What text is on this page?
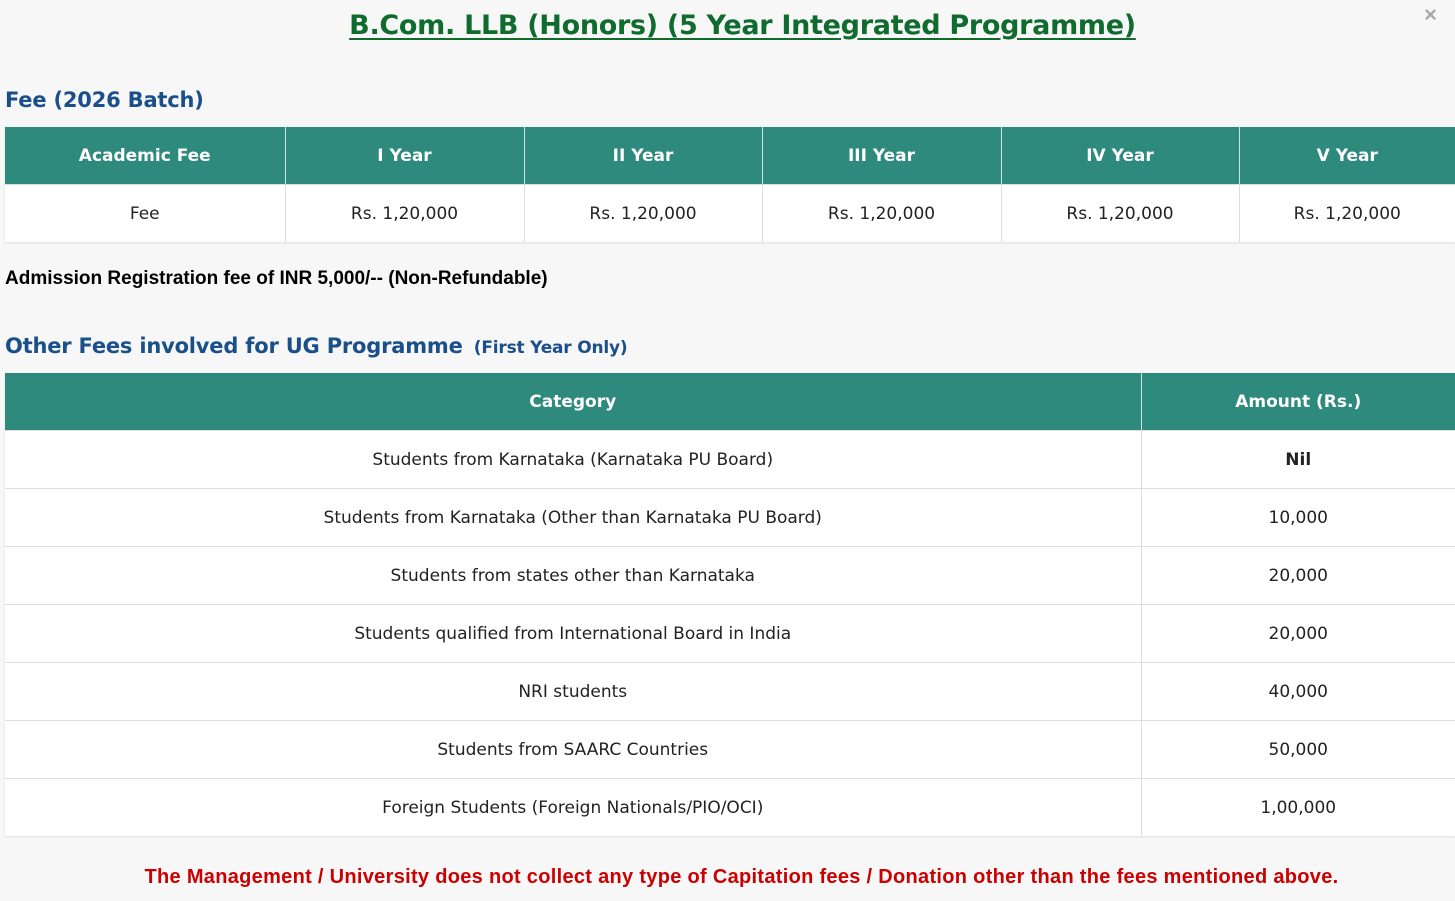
×
B.Com. LLB (Honors) (5 Year Integrated Programme)
Fee (2026 Batch)
Academic Fee	I Year	II Year	III Year	IV Year	V Year
Fee	Rs. 1,20,000	Rs. 1,20,000	Rs. 1,20,000	Rs. 1,20,000	Rs. 1,20,000
Admission Registration fee of INR 5,000/-- (Non-Refundable)
Other Fees involved for UG Programme (First Year Only)
Category	Amount (Rs.)
Students from Karnataka (Karnataka PU Board)	Nil
Students from Karnataka (Other than Karnataka PU Board)	10,000
Students from states other than Karnataka	20,000
Students qualified from International Board in India	20,000
NRI students	40,000
Students from SAARC Countries	50,000
Foreign Students (Foreign Nationals/PIO/OCI)	1,00,000
The Management / University does not collect any type of Capitation fees / Donation other than the fees mentioned above.
